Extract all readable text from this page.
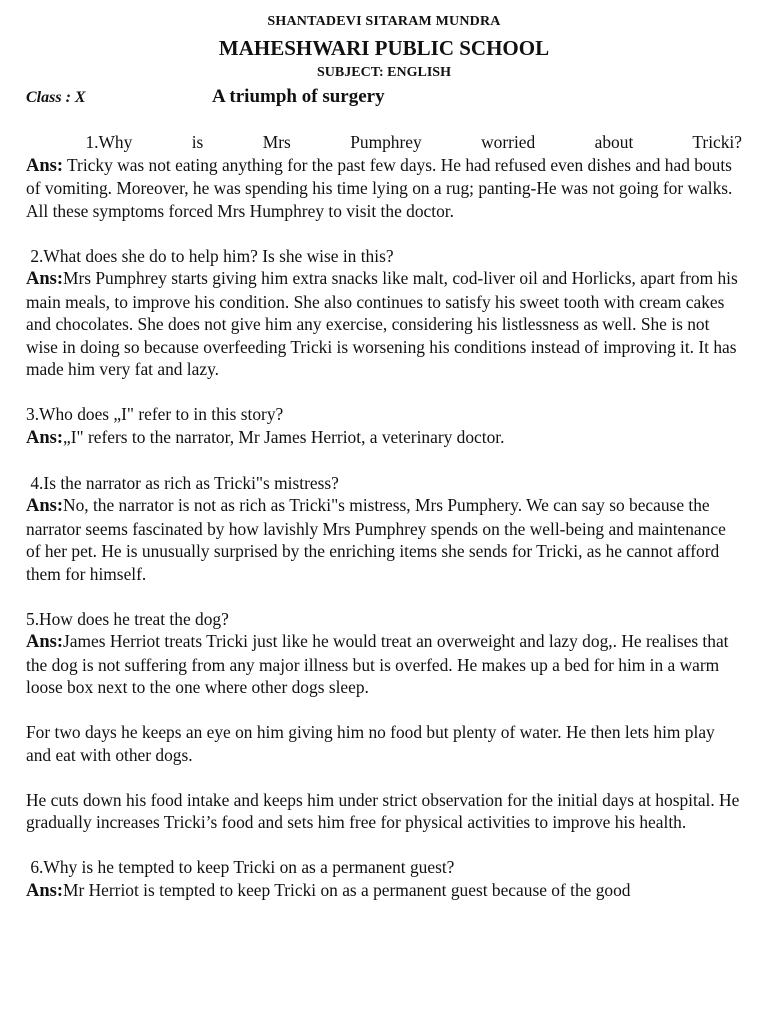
SHANTADEVI SITARAM MUNDRA
MAHESHWARI PUBLIC SCHOOL
SUBJECT: ENGLISH
Class : X	A triumph of surgery

1.Why is Mrs Pumphrey worried about Tricki?

Ans: Tricky was not eating anything for the past few days. He had refused even dishes and had bouts of vomiting. Moreover, he was spending his time lying on a rug; panting-He was not going for walks. All these symptoms forced Mrs Humphrey to visit the doctor.

2.What does she do to help him? Is she wise in this?

Ans:Mrs Pumphrey starts giving him extra snacks like malt, cod-liver oil and Horlicks, apart from his main meals, to improve his condition. She also continues to satisfy his sweet tooth with cream cakes and chocolates. She does not give him any exercise, considering his listlessness as well. She is not wise in doing so because overfeeding Tricki is worsening his conditions instead of improving it. It has made him very fat and lazy.

3.Who does „I" refer to in this story?

Ans:„I" refers to the narrator, Mr James Herriot, a veterinary doctor.

4.Is the narrator as rich as Tricki"s mistress?

Ans:No, the narrator is not as rich as Tricki"s mistress, Mrs Pumphery. We can say so because the narrator seems fascinated by how lavishly Mrs Pumphrey spends on the well-being and maintenance of her pet. He is unusually surprised by the enriching items she sends for Tricki, as he cannot afford them for himself.

5.How does he treat the dog?

Ans:James Herriot treats Tricki just like he would treat an overweight and lazy dog,. He realises that the dog is not suffering from any major illness but is overfed. He makes up a bed for him in a warm loose box next to the one where other dogs sleep.

For two days he keeps an eye on him giving him no food but plenty of water. He then lets him play and eat with other dogs.

He cuts down his food intake and keeps him under strict observation for the initial days at hospital. He gradually increases Tricki’s food and sets him free for physical activities to improve his health.

6.Why is he tempted to keep Tricki on as a permanent guest?

Ans:Mr Herriot is tempted to keep Tricki on as a permanent guest because of the good
